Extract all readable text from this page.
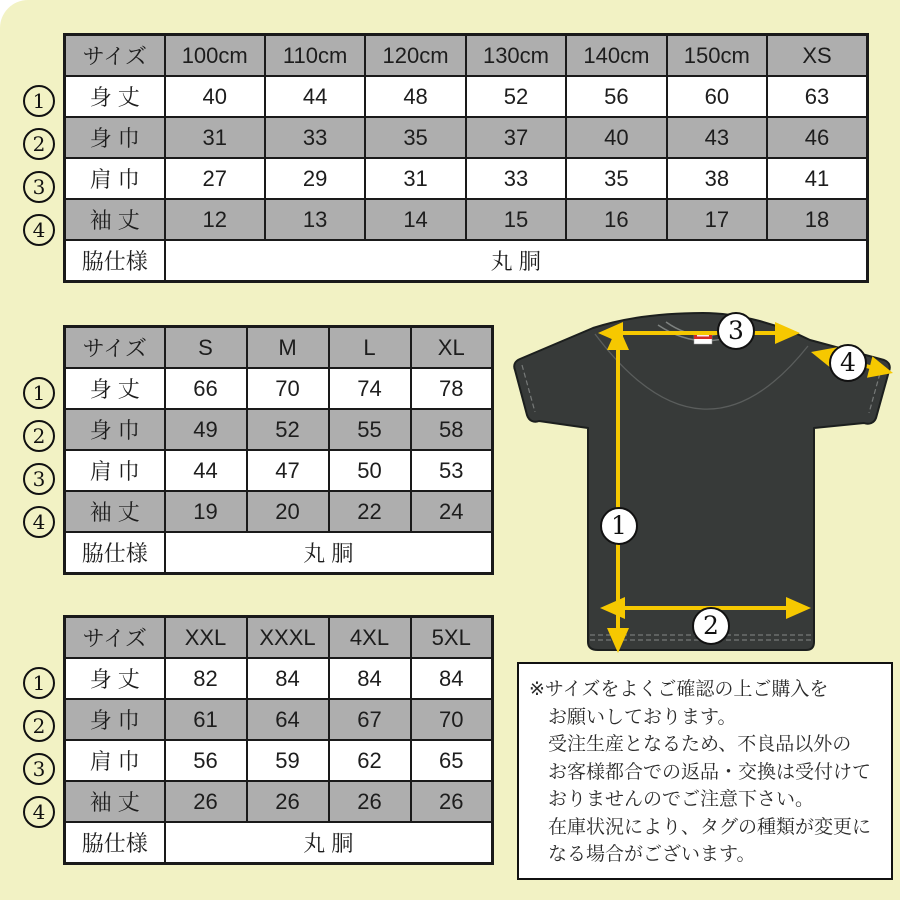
サイズ	100cm	110cm	120cm	130cm	140cm	150cm	XS
身 丈	40	44	48	52	56	60	63
身 巾	31	33	35	37	40	43	46
肩 巾	27	29	31	33	35	38	41
袖 丈	12	13	14	15	16	17	18
脇仕様	丸 胴						
1
2
3
4
サイズ	S	M	L	XL
身 丈	66	70	74	78
身 巾	49	52	55	58
肩 巾	44	47	50	53
袖 丈	19	20	22	24
脇仕様	丸 胴			
1
2
3
4
サイズ	XXL	XXXL	4XL	5XL
身 丈	82	84	84	84
身 巾	61	64	67	70
肩 巾	56	59	62	65
袖 丈	26	26	26	26
脇仕様	丸 胴			
1
2
3
4
1
2
3
4
※サイズをよくご確認の上ご購入を
お願いしております。
受注生産となるため、不良品以外の
お客様都合での返品・交換は受付けて
おりませんのでご注意下さい。
在庫状況により、タグの種類が変更に
なる場合がございます。
